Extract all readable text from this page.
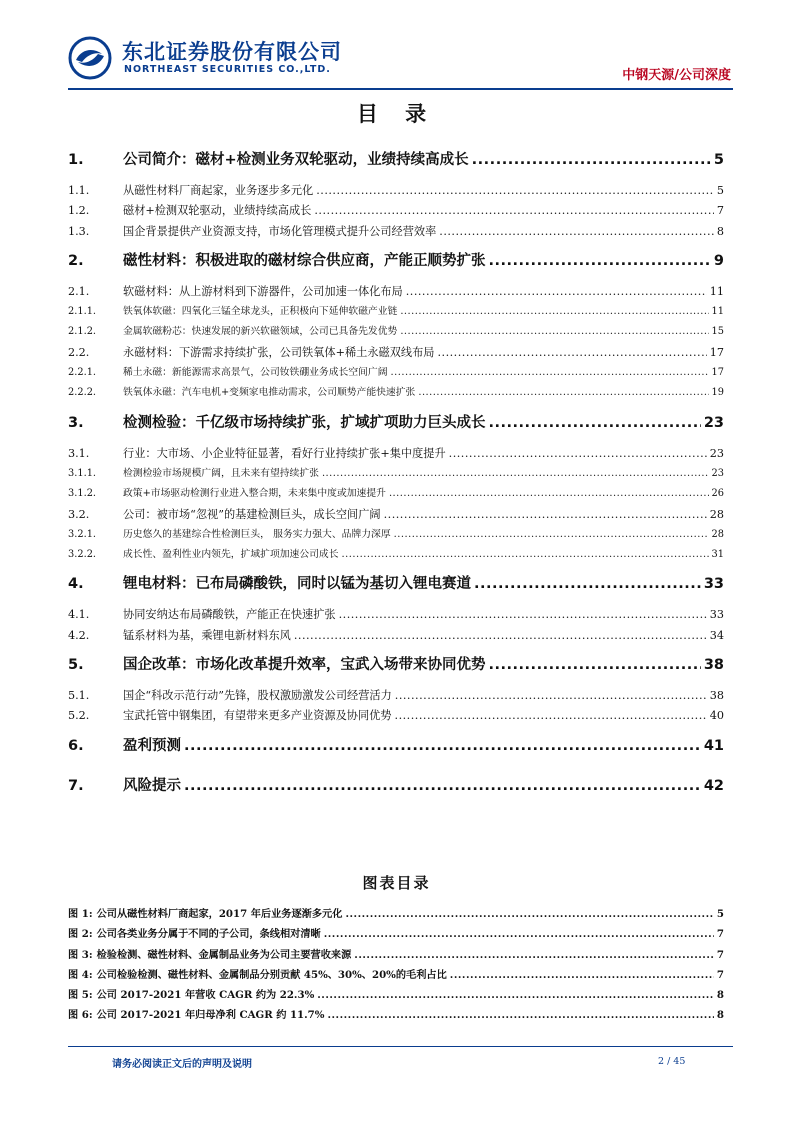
东北证券股份有限公司
NORTHEAST SECURITIES CO.,LTD.	中钢天源/公司深度
目 录
1.	公司简介：磁材+检测业务双轮驱动，业绩持续高成长 .....	5
1.1.	从磁性材料厂商起家，业务逐步多元化 .....	5
1.2.	磁材+检测双轮驱动，业绩持续高成长 .....	7
1.3.	国企背景提供产业资源支持，市场化管理模式提升公司经营效率 .....	8
2.	磁性材料：积极进取的磁材综合供应商，产能正顺势扩张 .....	9
2.1.	软磁材料：从上游材料到下游器件，公司加速一体化布局 .....	11
2.1.1.	铁氧体软磁：四氧化三锰全球龙头，正积极向下延伸软磁产业链 .....	11
2.1.2.	金属软磁粉芯：快速发展的新兴软磁领域，公司已具备先发优势 .....	15
2.2.	永磁材料：下游需求持续扩张，公司铁氧体+稀土永磁双线布局 .....	17
2.2.1.	稀土永磁：新能源需求高景气，公司钕铁硼业务成长空间广阔 .....	17
2.2.2.	铁氧体永磁：汽车电机+变频家电推动需求，公司顺势产能快速扩张 .....	19
3.	检测检验：千亿级市场持续扩张，扩域扩项助力巨头成长 .....	23
3.1.	行业：大市场、小企业特征显著，看好行业持续扩张+集中度提升 .....	23
3.1.1.	检测检验市场规模广阔，且未来有望持续扩张 .....	23
3.1.2.	政策+市场驱动检测行业进入整合期，未来集中度或加速提升 .....	26
3.2.	公司：被市场“忽视”的基建检测巨头，成长空间广阔 .....	28
3.2.1.	历史悠久的基建综合性检测巨头， 服务实力强大、品牌力深厚 .....	28
3.2.2.	成长性、盈利性业内领先，扩域扩项加速公司成长 .....	31
4.	锂电材料：已布局磷酸铁，同时以锰为基切入锂电赛道 .....	33
4.1.	协同安纳达布局磷酸铁，产能正在快速扩张 .....	33
4.2.	锰系材料为基，乘锂电新材料东风 .....	34
5.	国企改革：市场化改革提升效率，宝武入场带来协同优势 .....	38
5.1.	国企“科改示范行动”先锋，股权激励激发公司经营活力 .....	38
5.2.	宝武托管中钢集团，有望带来更多产业资源及协同优势 .....	40
6.	盈利预测 .....	41
7.	风险提示 .....	42
图表目录
图 1: 公司从磁性材料厂商起家，2017 年后业务逐渐多元化 .....	5
图 2: 公司各类业务分属于不同的子公司，条线相对清晰 .....	7
图 3: 检验检测、磁性材料、金属制品业务为公司主要营收来源 .....	7
图 4: 公司检验检测、磁性材料、金属制品分别贡献 45%、30%、20%的毛利占比 .....	7
图 5: 公司 2017-2021 年营收 CAGR 约为 22.3% .....	8
图 6: 公司 2017-2021 年归母净利 CAGR 约 11.7% .....	8
请务必阅读正文后的声明及说明	2 / 45
